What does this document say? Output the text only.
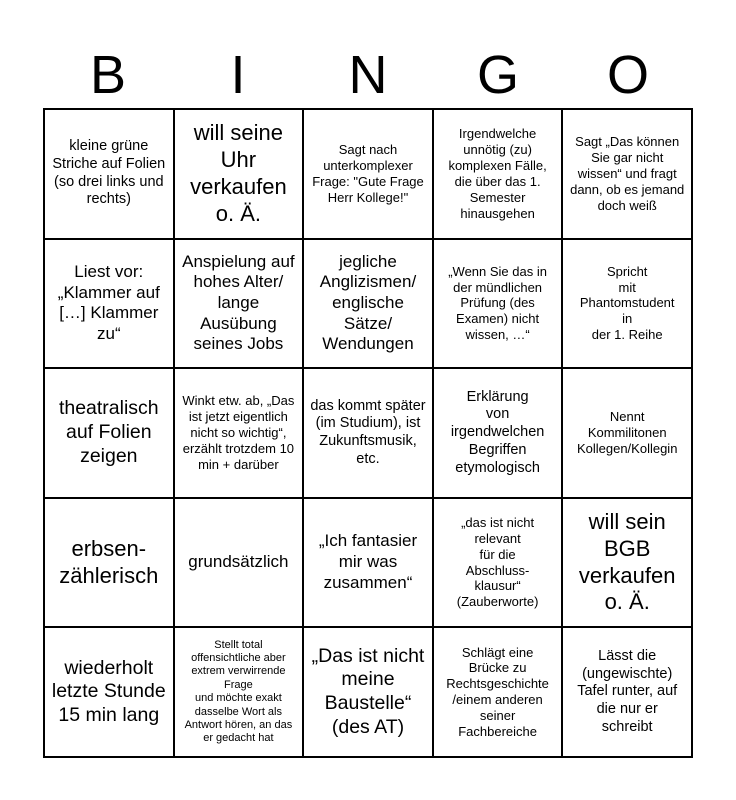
B	I	N	G	O
kleine grüne Striche auf Folien (so drei links und rechts)
will seine Uhr verkaufen o. Ä.
Sagt nach unterkomplexer Frage: "Gute Frage Herr Kollege!"
Irgendwelche unnötig (zu) komplexen Fälle, die über das 1. Semester hinausgehen
Sagt „Das können Sie gar nicht wissen“ und fragt dann, ob es jemand doch weiß
Liest vor: „Klammer auf […] Klammer zu“
Anspielung auf hohes Alter/ lange Ausübung seines Jobs
jegliche Anglizismen/ englische Sätze/ Wendungen
„Wenn Sie das in der mündlichen Prüfung (des Examen) nicht wissen, …“
Spricht
mit
Phantomstudent
in
der 1. Reihe
theatralisch auf Folien zeigen
Winkt etw. ab, „Das ist jetzt eigentlich nicht so wichtig“, erzählt trotzdem 10 min + darüber
das kommt später (im Studium), ist Zukunftsmusik, etc.
Erklärung
von
irgendwelchen Begriffen etymologisch
Nennt
Kommilitonen Kollegen/Kollegin
erbsen-
zählerisch
grundsätzlich
„Ich fantasier mir was zusammen“
„das ist nicht relevant
für die
Abschluss-
klausur“
(Zauberworte)
will sein BGB verkaufen o. Ä.
wiederholt letzte Stunde 15 min lang
Stellt total offensichtliche aber extrem verwirrende Frage
und möchte exakt dasselbe Wort als Antwort hören, an das er gedacht hat
„Das ist nicht meine Baustelle“ (des AT)
Schlägt eine Brücke zu Rechtsgeschichte /einem anderen seiner Fachbereiche
Lässt die (ungewischte) Tafel runter, auf die nur er schreibt
